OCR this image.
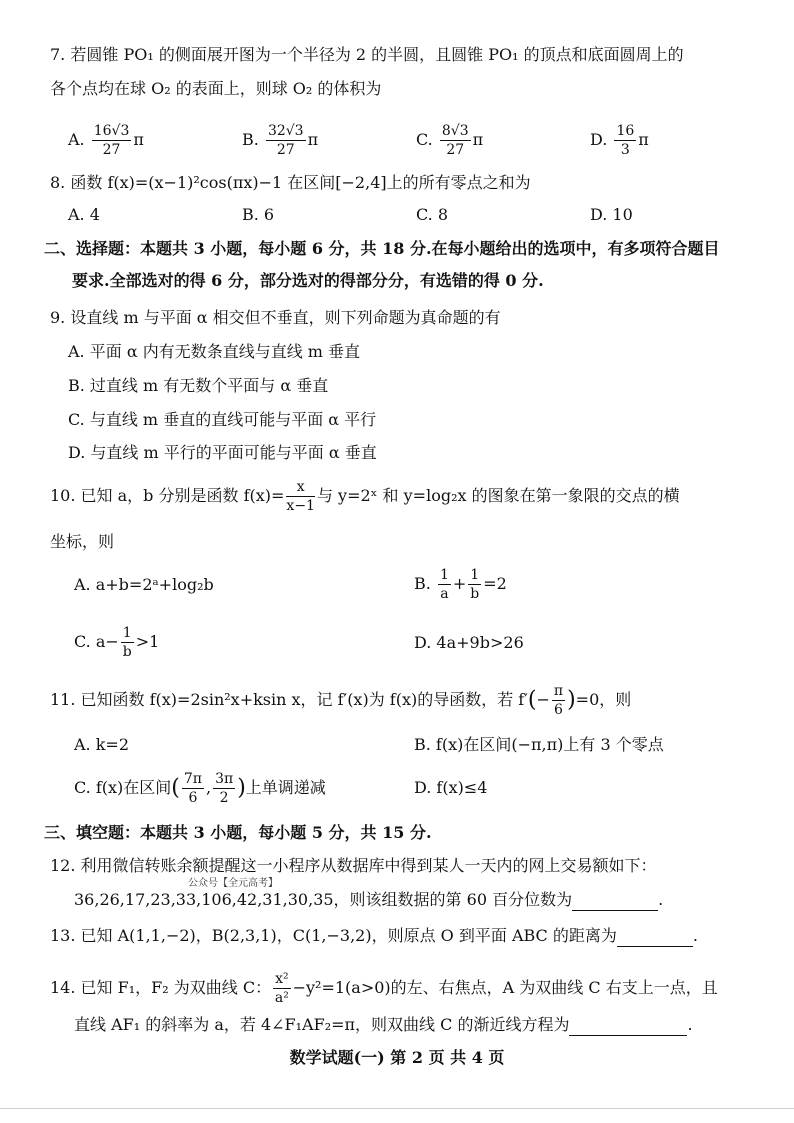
7. 若圆锥 PO₁ 的侧面展开图为一个半径为 2 的半圆，且圆锥 PO₁ 的顶点和底面圆周上的
各个点均在球 O₂ 的表面上，则球 O₂ 的体积为
A. $\frac{16√3}{27}$ π	B. $\frac{32√3}{27}$ π	C. $\frac{8√3}{27}$ π	D. $\frac{16}{3}$ π
8. 函数 f(x)=(x−1)²cos(πx)−1 在区间[−2,4]上的所有零点之和为
A. 4	B. 6	C. 8	D. 10
二、选择题：本题共 3 小题，每小题 6 分，共 18 分.在每小题给出的选项中，有多项符合题目
要求.全部选对的得 6 分，部分选对的得部分分，有选错的得 0 分.
9. 设直线 m 与平面 α 相交但不垂直，则下列命题为真命题的有
A. 平面 α 内有无数条直线与直线 m 垂直
B. 过直线 m 有无数个平面与 α 垂直
C. 与直线 m 垂直的直线可能与平面 α 平行
D. 与直线 m 平行的平面可能与平面 α 垂直
10. 已知 a，b 分别是函数 $f(x)= \frac{x}{x-1}$ 与 y=2ˣ 和 y=log₂x 的图象在第一象限的交点的横
坐标，则
A. a+b=2ᵃ+log₂b	B. $\frac{1}{a} + \frac{1}{b} =2$
C. $a- \frac{1}{b} >1$	D. 4a+9b>26
11. 已知函数 f(x)=2sin²x+ksin x，记 f′(x)为 f(x)的导函数，若 $f'(- \frac{\pi}{6} )=0$，则
A. k=2	B. f(x)在区间(−π,π)上有 3 个零点
C. f(x)在区间( $\frac{7\pi}{6}$ , $\frac{3\pi}{2}$ )上单调递减	D. f(x)≤4
三、填空题：本题共 3 小题，每小题 5 分，共 15 分.
12. 利用微信转账余额提醒这一小程序从数据库中得到某人一天内的网上交易额如下：
公众号【全元高考】
36,26,17,23,33,106,42,31,30,35，则该组数据的第 60 百分位数为	.
13. 已知 A(1,1,−2)，B(2,3,1)，C(1,−3,2)，则原点 O 到平面 ABC 的距离为	.
14. 已知 F₁，F₂ 为双曲线 C： $\frac{\text{x²}}{\text{a²}} -y^2=1(a>0)$的左、右焦点，A 为双曲线 C 右支上一点，且
直线 AF₁ 的斜率为 a，若 4∠F₁AF₂=π，则双曲线 C 的渐近线方程为	.
数学试题(一) 第 2 页 共 4 页
